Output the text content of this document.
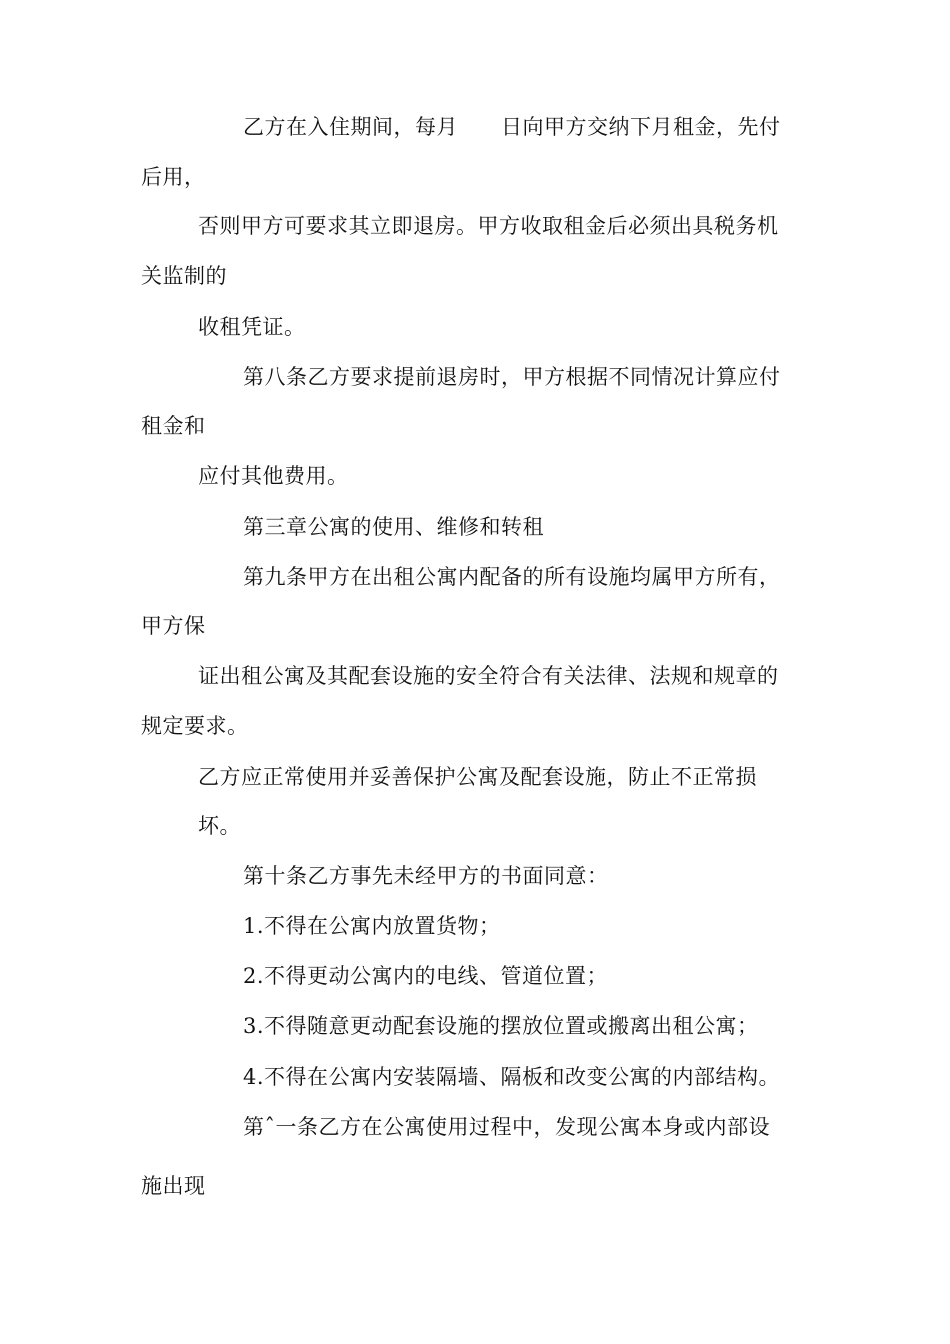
乙方在入住期间，每月　　日向甲方交纳下月租金，先付
后用，
否则甲方可要求其立即退房。甲方收取租金后必须出具税务机
关监制的
收租凭证。
第八条乙方要求提前退房时，甲方根据不同情况计算应付
租金和
应付其他费用。
第三章公寓的使用、维修和转租
第九条甲方在出租公寓内配备的所有设施均属甲方所有，
甲方保
证出租公寓及其配套设施的安全符合有关法律、法规和规章的
规定要求。
乙方应正常使用并妥善保护公寓及配套设施，防止不正常损
坏。
第十条乙方事先未经甲方的书面同意：
1.不得在公寓内放置货物；
2.不得更动公寓内的电线、管道位置；
3.不得随意更动配套设施的摆放位置或搬离出租公寓；
4.不得在公寓内安装隔墙、隔板和改变公寓的内部结构。
第ˆ一条乙方在公寓使用过程中，发现公寓本身或内部设
施出现
